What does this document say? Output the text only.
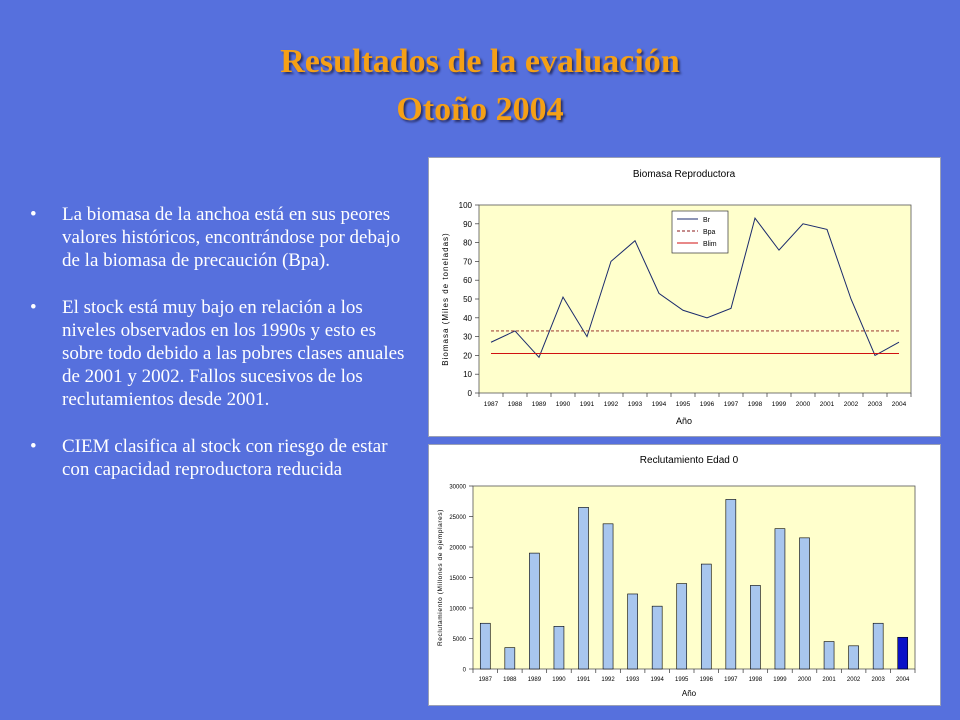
Resultados de la evaluación
Otoño 2004
• La biomasa de la anchoa está en sus peores valores históricos, encontrándose por debajo de la biomasa de precaución (Bpa).
• El stock está muy bajo en relación a los niveles observados en los 1990s y esto es sobre todo debido a las pobres clases anuales de 2001 y 2002. Fallos sucesivos de los reclutamientos desde 2001.
• CIEM clasifica al stock con riesgo de estar con capacidad reproductora reducida
Biomasa Reproductora
0
10
20
30
40
50
60
70
80
90
100
1987 1988 1989 1990 1991 1992 1993 1994 1995 1996 1997 1998 1999 2000 2001 2002 2003 2004
Año
Biomasa (Miles de toneladas)
Br
Bpa
Blim
Reclutamiento Edad 0
0
5000
10000
15000
20000
25000
30000
1987 1988 1989 1990 1991 1992 1993 1994 1995 1996 1997 1998 1999 2000 2001 2002 2003 2004
Año
Reclutamiento (Millones de ejemplares)
